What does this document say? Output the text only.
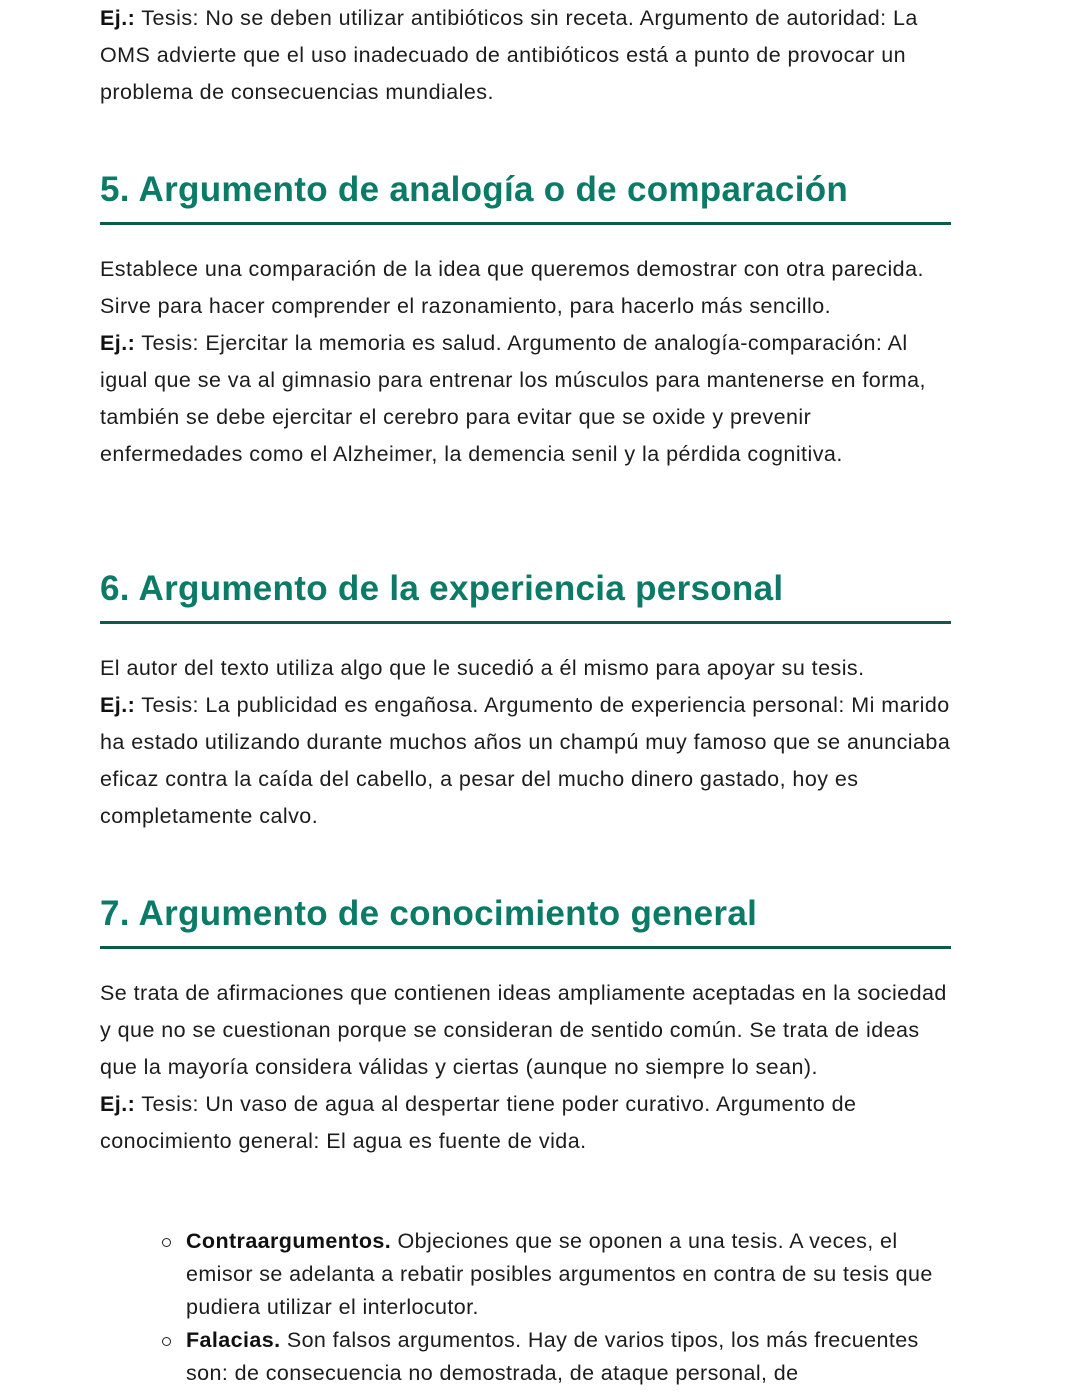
Ej.: Tesis: No se deben utilizar antibióticos sin receta. Argumento de autoridad: La OMS advierte que el uso inadecuado de antibióticos está a punto de provocar un problema de consecuencias mundiales.

5. Argumento de analogía o de comparación

Establece una comparación de la idea que queremos demostrar con otra parecida. Sirve para hacer comprender el razonamiento, para hacerlo más sencillo.

Ej.: Tesis: Ejercitar la memoria es salud. Argumento de analogía-comparación: Al igual que se va al gimnasio para entrenar los músculos para mantenerse en forma, también se debe ejercitar el cerebro para evitar que se oxide y prevenir enfermedades como el Alzheimer, la demencia senil y la pérdida cognitiva.

6. Argumento de la experiencia personal

El autor del texto utiliza algo que le sucedió a él mismo para apoyar su tesis.

Ej.: Tesis: La publicidad es engañosa. Argumento de experiencia personal: Mi marido ha estado utilizando durante muchos años un champú muy famoso que se anunciaba eficaz contra la caída del cabello, a pesar del mucho dinero gastado, hoy es completamente calvo.

7. Argumento de conocimiento general

Se trata de afirmaciones que contienen ideas ampliamente aceptadas en la sociedad y que no se cuestionan porque se consideran de sentido común. Se trata de ideas que la mayoría considera válidas y ciertas (aunque no siempre lo sean).

Ej.: Tesis: Un vaso de agua al despertar tiene poder curativo. Argumento de conocimiento general: El agua es fuente de vida.

Contraargumentos. Objeciones que se oponen a una tesis. A veces, el emisor se adelanta a rebatir posibles argumentos en contra de su tesis que pudiera utilizar el interlocutor.
Falacias. Son falsos argumentos. Hay de varios tipos, los más frecuentes son: de consecuencia no demostrada, de ataque personal, de
